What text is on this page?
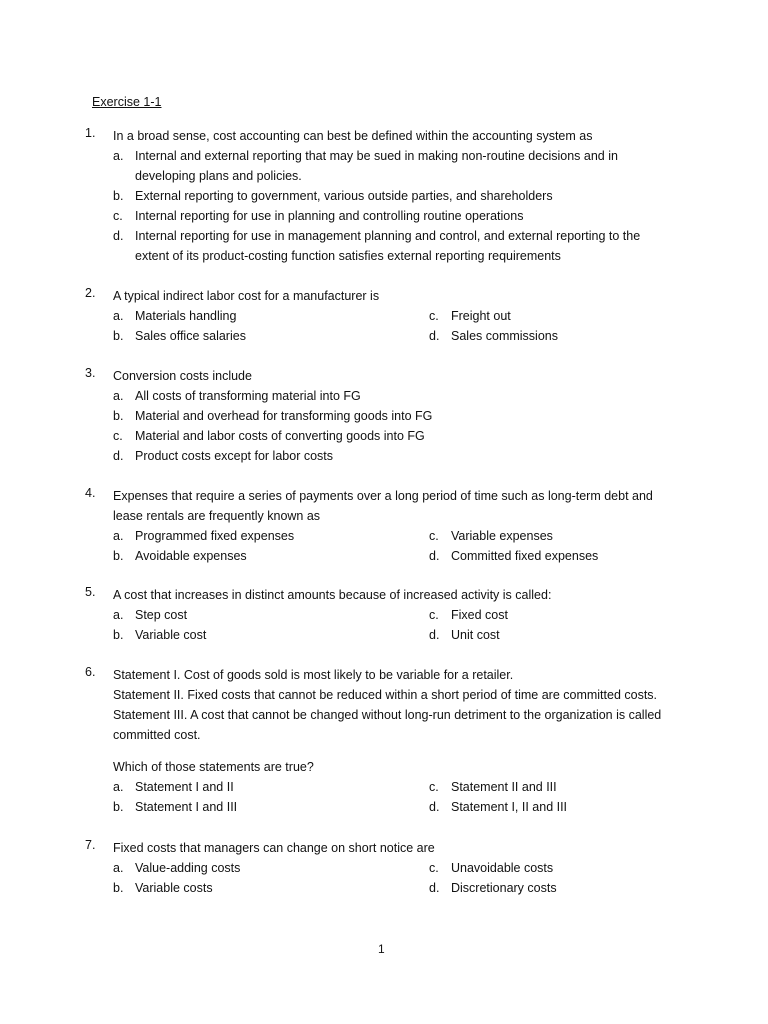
Exercise 1-1
1. In a broad sense, cost accounting can best be defined within the accounting system as
a. Internal and external reporting that may be sued in making non-routine decisions and in developing plans and policies.
b. External reporting to government, various outside parties, and shareholders
c. Internal reporting for use in planning and controlling routine operations
d. Internal reporting for use in management planning and control, and external reporting to the extent of its product-costing function satisfies external reporting requirements
2. A typical indirect labor cost for a manufacturer is
a. Materials handling
b. Sales office salaries
c. Freight out
d. Sales commissions
3. Conversion costs include
a. All costs of transforming material into FG
b. Material and overhead for transforming goods into FG
c. Material and labor costs of converting goods into FG
d. Product costs except for labor costs
4. Expenses that require a series of payments over a long period of time such as long-term debt and lease rentals are frequently known as
a. Programmed fixed expenses
b. Avoidable expenses
c. Variable expenses
d. Committed fixed expenses
5. A cost that increases in distinct amounts because of increased activity is called:
a. Step cost
b. Variable cost
c. Fixed cost
d. Unit cost
6. Statement I. Cost of goods sold is most likely to be variable for a retailer.
Statement II. Fixed costs that cannot be reduced within a short period of time are committed costs.
Statement III. A cost that cannot be changed without long-run detriment to the organization is called committed cost.
Which of those statements are true?
a. Statement I and II
b. Statement I and III
c. Statement II and III
d. Statement I, II and III
7. Fixed costs that managers can change on short notice are
a. Value-adding costs
b. Variable costs
c. Unavoidable costs
d. Discretionary costs
1
